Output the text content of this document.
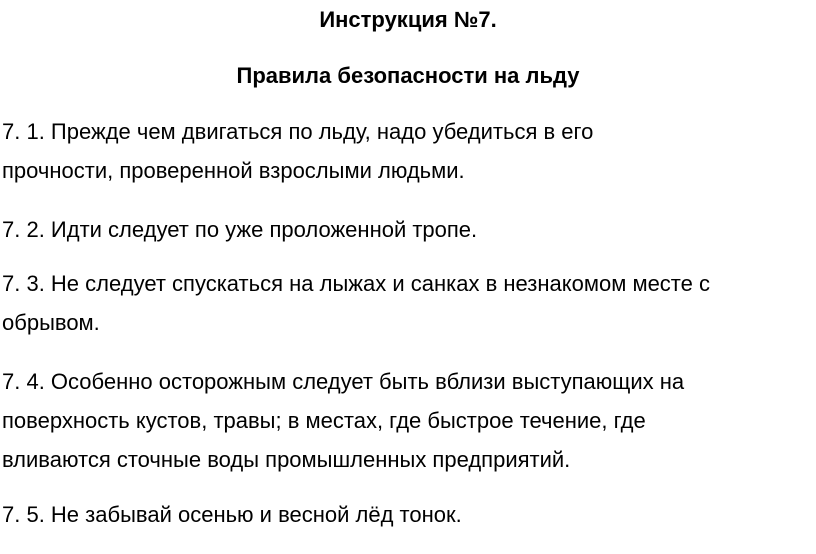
Инструкция №7.
Правила безопасности на льду

7. 1. Прежде чем двигаться по льду, надо убедиться в его
прочности, проверенной взрослыми людьми.

7. 2. Идти следует по уже проложенной тропе.

7. 3. Не следует спускаться на лыжах и санках в незнакомом месте с
обрывом.

7. 4. Особенно осторожным следует быть вблизи выступающих на
поверхность кустов, травы; в местах, где быстрое течение, где
вливаются сточные воды промышленных предприятий.

7. 5. Не забывай осенью и весной лёд тонок.
